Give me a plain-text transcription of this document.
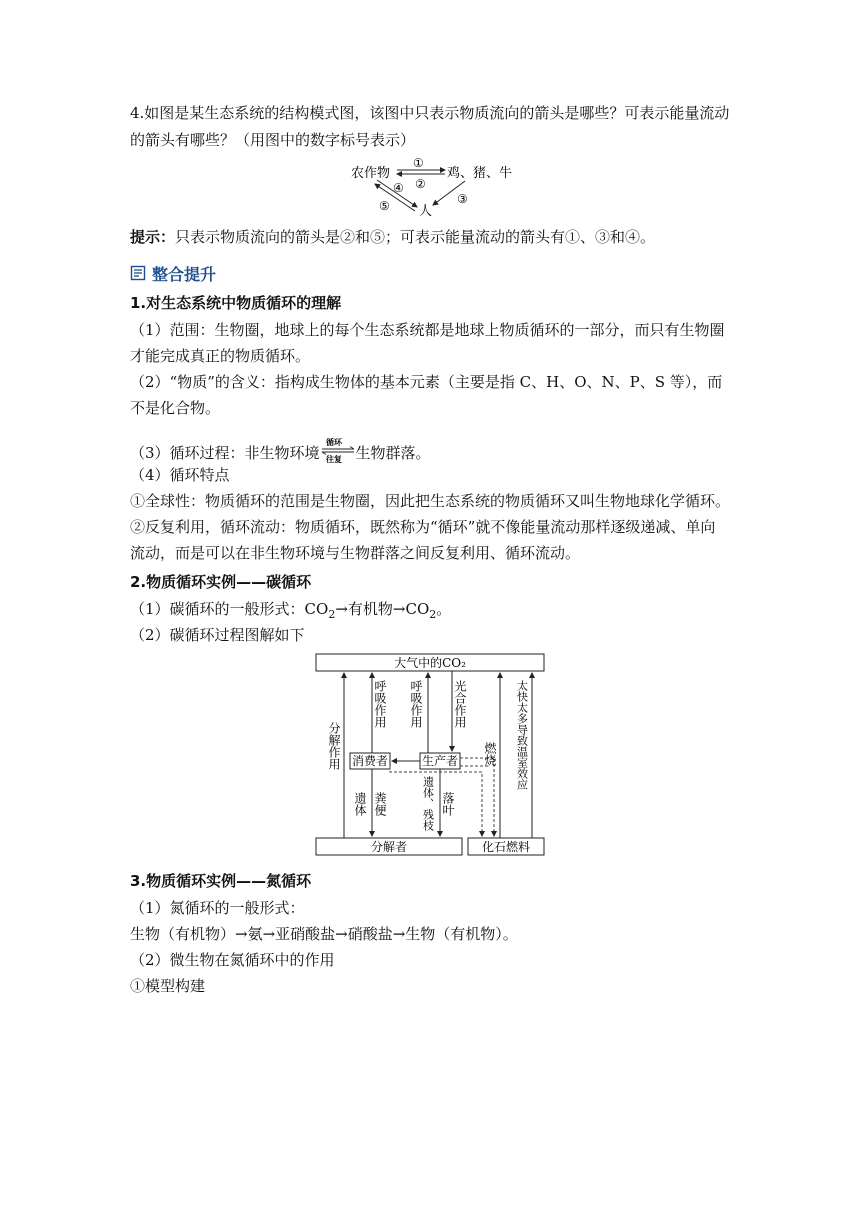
4.如图是某生态系统的结构模式图，该图中只表示物质流向的箭头是哪些？可表示能量流动
的箭头有哪些？（用图中的数字标号表示）
农作物	鸡、猪、牛
人
①
②
③
④
⑤
提示：只表示物质流向的箭头是②和⑤；可表示能量流动的箭头有①、③和④。
整合提升
1.对生态系统中物质循环的理解
（1）范围：生物圈，地球上的每个生态系统都是地球上物质循环的一部分，而只有生物圈
才能完成真正的物质循环。
（2）“物质”的含义：指构成生物体的基本元素（主要是指 C、H、O、N、P、S 等），而
不是化合物。
（3）循环过程：非生物环境
循环
往复 生物群落。
（4）循环特点
①全球性：物质循环的范围是生物圈，因此把生态系统的物质循环又叫生物地球化学循环。
②反复利用，循环流动：物质循环，既然称为“循环”就不像能量流动那样逐级递减、单向
流动，而是可以在非生物环境与生物群落之间反复利用、循环流动。
2.物质循环实例——碳循环
（1）碳循环的一般形式：$CO_2\to$有机物$\to CO_2$。
（2）碳循环过程图解如下
大气中的CO₂
分解者	化石燃料
消费者	生产者
分解作用
呼吸作用 呼吸作用	光合作用
燃烧 太快太多导致温室效应
遗体 粪便	遗体、残枝 落叶
3.物质循环实例——氮循环
（1）氮循环的一般形式：
生物（有机物）→氨→亚硝酸盐→硝酸盐→生物（有机物）。
（2）微生物在氮循环中的作用
①模型构建
